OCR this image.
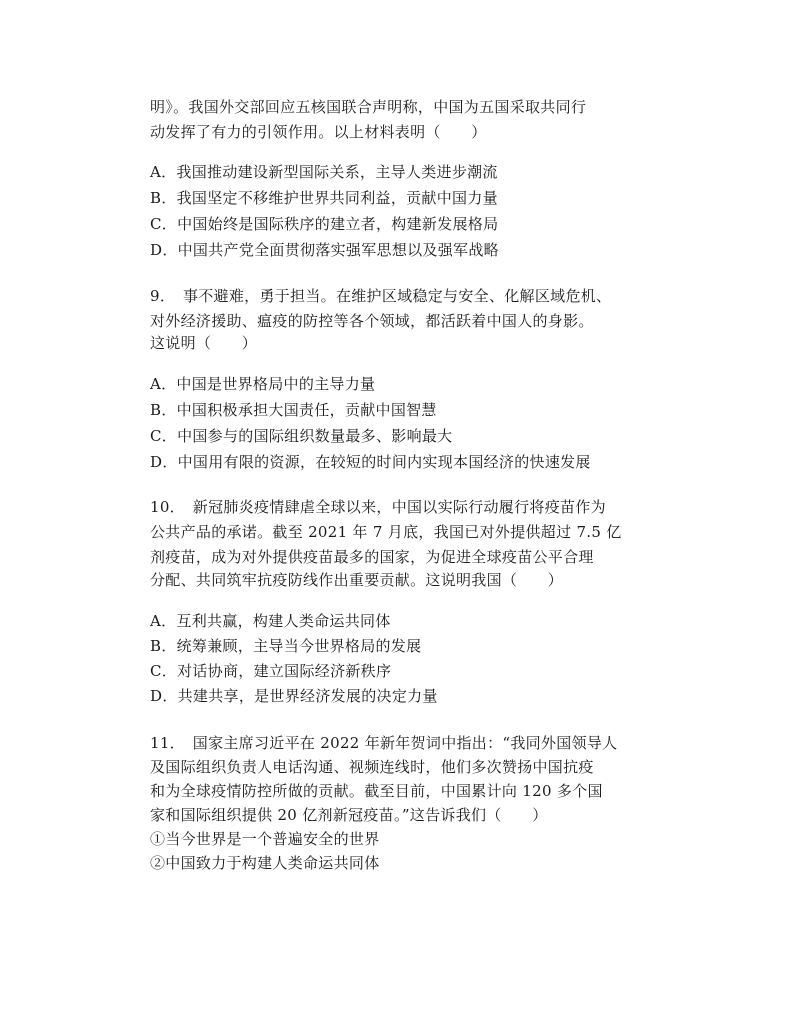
明》。我国外交部回应五核国联合声明称，中国为五国采取共同行
动发挥了有力的引领作用。以上材料表明（　　）
A．我国推动建设新型国际关系，主导人类进步潮流
B．我国坚定不移维护世界共同利益，贡献中国力量
C．中国始终是国际秩序的建立者，构建新发展格局
D．中国共产党全面贯彻落实强军思想以及强军战略
9．　事不避难，勇于担当。在维护区域稳定与安全、化解区域危机、
对外经济援助、瘟疫的防控等各个领域，都活跃着中国人的身影。
这说明（　　）
A．中国是世界格局中的主导力量
B．中国积极承担大国责任，贡献中国智慧
C．中国参与的国际组织数量最多、影响最大
D．中国用有限的资源，在较短的时间内实现本国经济的快速发展
10．　新冠肺炎疫情肆虐全球以来，中国以实际行动履行将疫苗作为
公共产品的承诺。截至 2021 年 7 月底，我国已对外提供超过 7.5 亿
剂疫苗，成为对外提供疫苗最多的国家，为促进全球疫苗公平合理
分配、共同筑牢抗疫防线作出重要贡献。这说明我国（　　）
A．互利共赢，构建人类命运共同体
B．统筹兼顾，主导当今世界格局的发展
C．对话协商，建立国际经济新秩序
D．共建共享，是世界经济发展的决定力量
11．　国家主席习近平在 2022 年新年贺词中指出：“我同外国领导人
及国际组织负责人电话沟通、视频连线时，他们多次赞扬中国抗疫
和为全球疫情防控所做的贡献。截至目前，中国累计向 120 多个国
家和国际组织提供 20 亿剂新冠疫苗。”这告诉我们（　　）
①当今世界是一个普遍安全的世界
②中国致力于构建人类命运共同体
